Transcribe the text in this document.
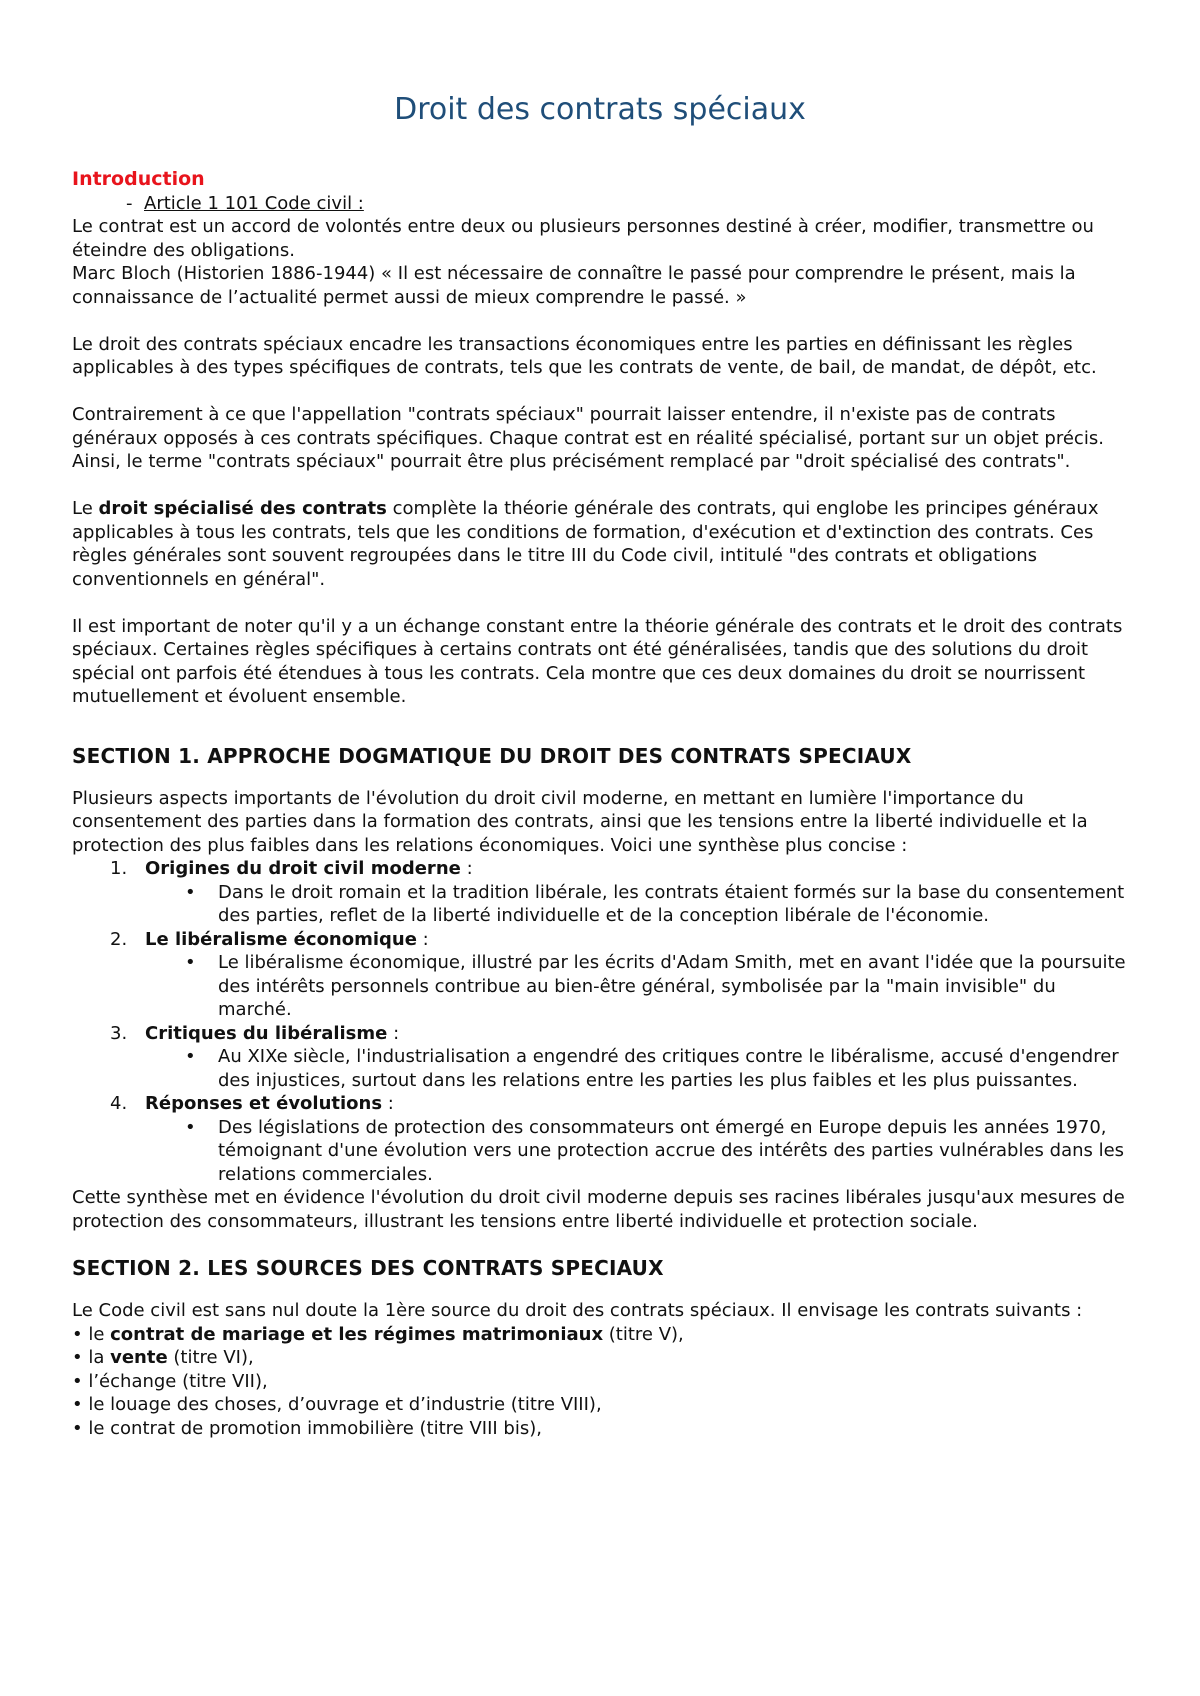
Droit des contrats spéciaux

Introduction

- Article 1 101 Code civil :

Le contrat est un accord de volontés entre deux ou plusieurs personnes destiné à créer, modifier, transmettre ou éteindre des obligations.

Marc Bloch (Historien 1886-1944) « Il est nécessaire de connaître le passé pour comprendre le présent, mais la connaissance de l’actualité permet aussi de mieux comprendre le passé. »

Le droit des contrats spéciaux encadre les transactions économiques entre les parties en définissant les règles applicables à des types spécifiques de contrats, tels que les contrats de vente, de bail, de mandat, de dépôt, etc.

Contrairement à ce que l'appellation "contrats spéciaux" pourrait laisser entendre, il n'existe pas de contrats généraux opposés à ces contrats spécifiques. Chaque contrat est en réalité spécialisé, portant sur un objet précis. Ainsi, le terme "contrats spéciaux" pourrait être plus précisément remplacé par "droit spécialisé des contrats".

Le droit spécialisé des contrats complète la théorie générale des contrats, qui englobe les principes généraux applicables à tous les contrats, tels que les conditions de formation, d'exécution et d'extinction des contrats. Ces règles générales sont souvent regroupées dans le titre III du Code civil, intitulé "des contrats et obligations conventionnels en général".

Il est important de noter qu'il y a un échange constant entre la théorie générale des contrats et le droit des contrats spéciaux. Certaines règles spécifiques à certains contrats ont été généralisées, tandis que des solutions du droit spécial ont parfois été étendues à tous les contrats. Cela montre que ces deux domaines du droit se nourrissent mutuellement et évoluent ensemble.

SECTION 1. APPROCHE DOGMATIQUE DU DROIT DES CONTRATS SPECIAUX

Plusieurs aspects importants de l'évolution du droit civil moderne, en mettant en lumière l'importance du consentement des parties dans la formation des contrats, ainsi que les tensions entre la liberté individuelle et la protection des plus faibles dans les relations économiques. Voici une synthèse plus concise :

1. Origines du droit civil moderne :
• Dans le droit romain et la tradition libérale, les contrats étaient formés sur la base du consentement des parties, reflet de la liberté individuelle et de la conception libérale de l'économie.
2. Le libéralisme économique :
• Le libéralisme économique, illustré par les écrits d'Adam Smith, met en avant l'idée que la poursuite des intérêts personnels contribue au bien-être général, symbolisée par la "main invisible" du marché.
3. Critiques du libéralisme :
• Au XIXe siècle, l'industrialisation a engendré des critiques contre le libéralisme, accusé d'engendrer des injustices, surtout dans les relations entre les parties les plus faibles et les plus puissantes.
4. Réponses et évolutions :
• Des législations de protection des consommateurs ont émergé en Europe depuis les années 1970, témoignant d'une évolution vers une protection accrue des intérêts des parties vulnérables dans les relations commerciales.

Cette synthèse met en évidence l'évolution du droit civil moderne depuis ses racines libérales jusqu'aux mesures de protection des consommateurs, illustrant les tensions entre liberté individuelle et protection sociale.

SECTION 2. LES SOURCES DES CONTRATS SPECIAUX

Le Code civil est sans nul doute la 1ère source du droit des contrats spéciaux. Il envisage les contrats suivants :

• le contrat de mariage et les régimes matrimoniaux (titre V),
• la vente (titre VI),
• l’échange (titre VII),
• le louage des choses, d’ouvrage et d’industrie (titre VIII),
• le contrat de promotion immobilière (titre VIII bis),
